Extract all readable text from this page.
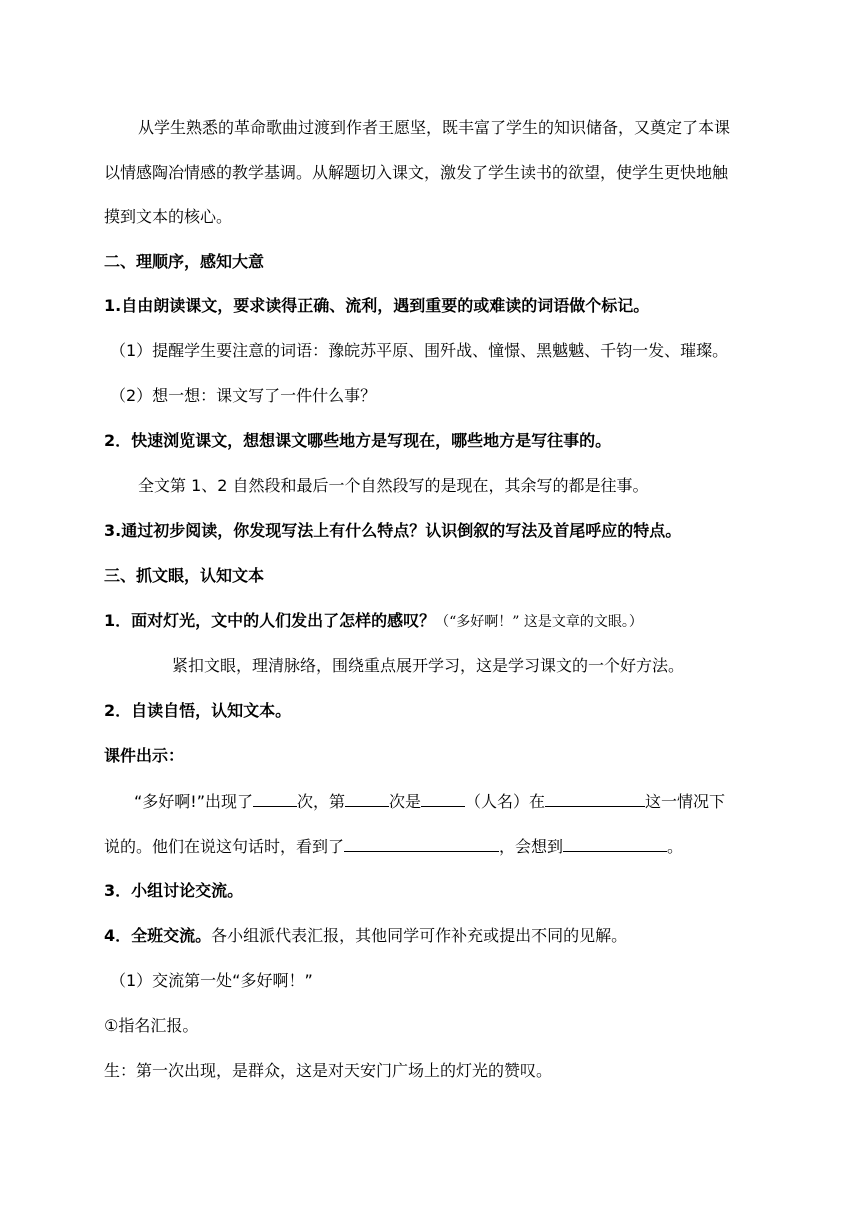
从学生熟悉的革命歌曲过渡到作者王愿坚，既丰富了学生的知识储备，又奠定了本课
以情感陶冶情感的教学基调。从解题切入课文，激发了学生读书的欲望，使学生更快地触
摸到文本的核心。
二、理顺序，感知大意
1.自由朗读课文，要求读得正确、流利，遇到重要的或难读的词语做个标记。
（1）提醒学生要注意的词语：豫皖苏平原、围歼战、憧憬、黑魆魆、千钧一发、璀璨。
（2）想一想：课文写了一件什么事？
2．快速浏览课文，想想课文哪些地方是写现在，哪些地方是写往事的。
全文第 1、2 自然段和最后一个自然段写的是现在，其余写的都是往事。
3.通过初步阅读，你发现写法上有什么特点？认识倒叙的写法及首尾呼应的特点。
三、抓文眼，认知文本
1．面对灯光，文中的人们发出了怎样的感叹？（“多好啊！” 这是文章的文眼。）
紧扣文眼，理清脉络，围绕重点展开学习，这是学习课文的一个好方法。
2．自读自悟，认知文本。
课件出示：
“多好啊!”出现了	次，第	次是	（人名）在	这一情况下
说的。他们在说这句话时，看到了	，会想到	。
3．小组讨论交流。
4．全班交流。各小组派代表汇报，其他同学可作补充或提出不同的见解。
（1）交流第一处“多好啊！”
①指名汇报。
生：第一次出现，是群众，这是对天安门广场上的灯光的赞叹。
